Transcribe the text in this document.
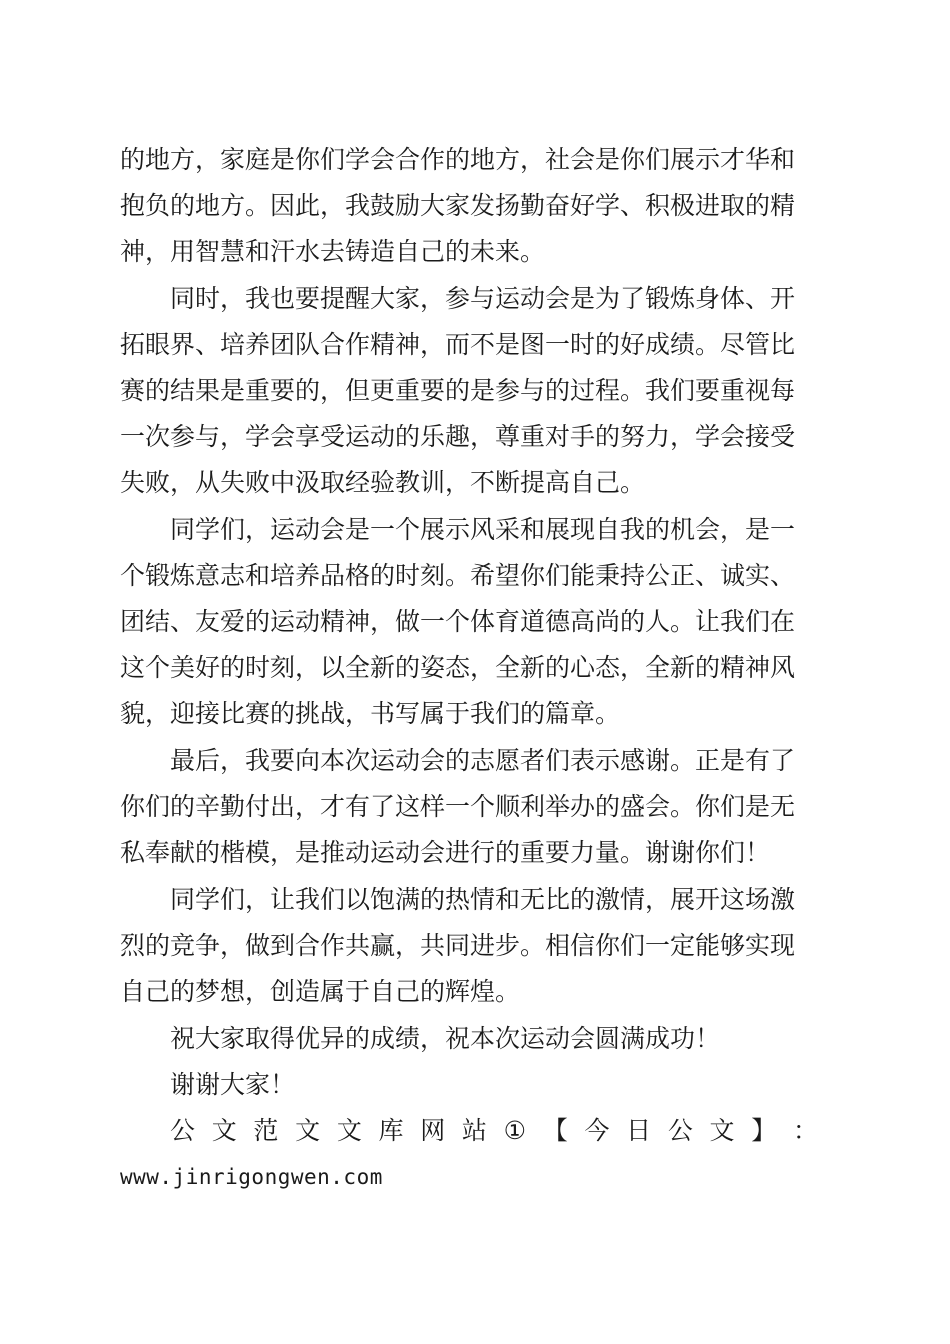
的地方，家庭是你们学会合作的地方，社会是你们展示才华和
抱负的地方。因此，我鼓励大家发扬勤奋好学、积极进取的精
神，用智慧和汗水去铸造自己的未来。
同时，我也要提醒大家，参与运动会是为了锻炼身体、开
拓眼界、培养团队合作精神，而不是图一时的好成绩。尽管比
赛的结果是重要的，但更重要的是参与的过程。我们要重视每
一次参与，学会享受运动的乐趣，尊重对手的努力，学会接受
失败，从失败中汲取经验教训，不断提高自己。
同学们，运动会是一个展示风采和展现自我的机会，是一
个锻炼意志和培养品格的时刻。希望你们能秉持公正、诚实、
团结、友爱的运动精神，做一个体育道德高尚的人。让我们在
这个美好的时刻，以全新的姿态，全新的心态，全新的精神风
貌，迎接比赛的挑战，书写属于我们的篇章。
最后，我要向本次运动会的志愿者们表示感谢。正是有了
你们的辛勤付出，才有了这样一个顺利举办的盛会。你们是无
私奉献的楷模，是推动运动会进行的重要力量。谢谢你们！
同学们，让我们以饱满的热情和无比的激情，展开这场激
烈的竞争，做到合作共赢，共同进步。相信你们一定能够实现
自己的梦想，创造属于自己的辉煌。
祝大家取得优异的成绩，祝本次运动会圆满成功！
谢谢大家！
公 文 范 文 文 库 网 站 ① 【 今 日 公 文 】 ：
www.jinrigongwen.com
